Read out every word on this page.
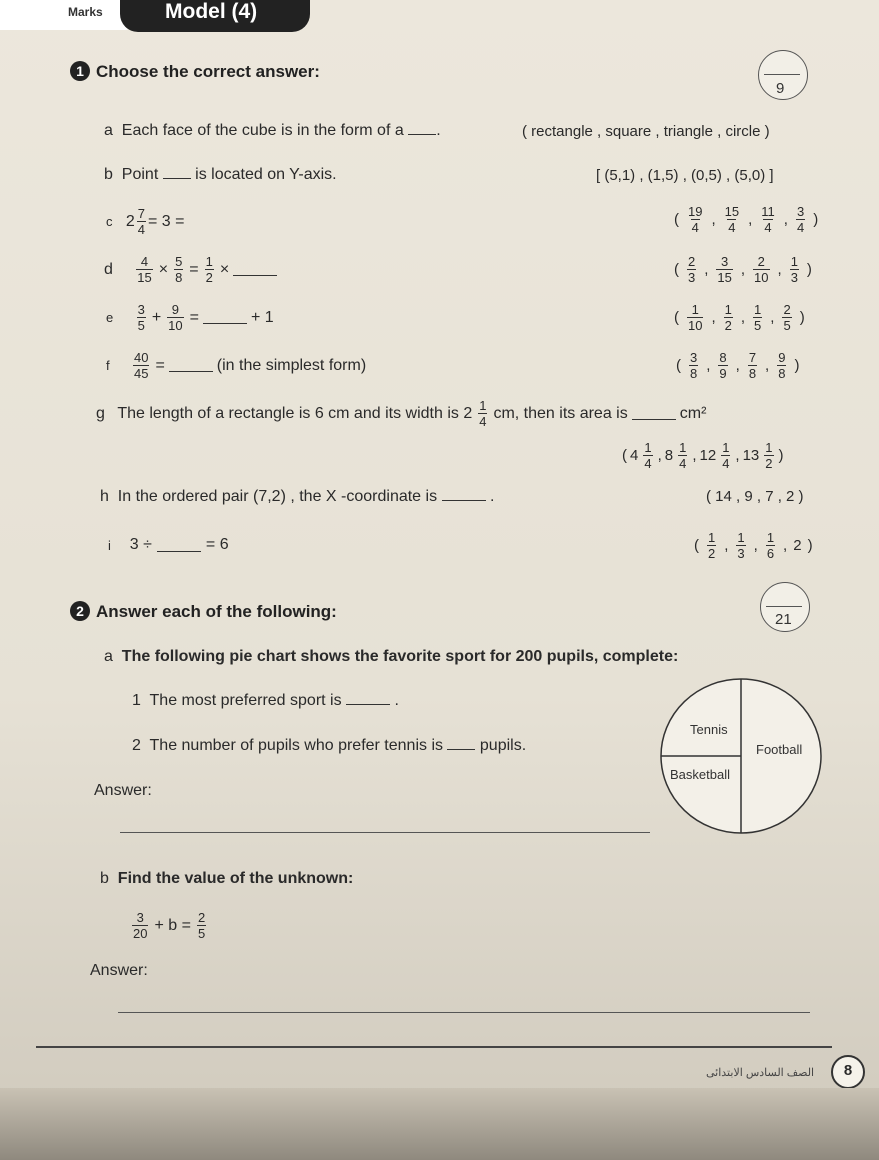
Marks	Model (4)
1 Choose the correct answer:
9
a Each face of the cube is in the form of a .	( rectangle , square , triangle , circle )
b Point is located on Y-axis.	[ (5,1) , (1,5) , (0,5) , (5,0) ]
c
$2 \frac{7}{4} = 3$ =	( $\frac{19}{4}$ , $\frac{15}{4}$ , $\frac{11}{4}$ , $\frac{3}{4}$ )
d
$\frac{4}{15} \times \frac{5}{8} = \frac{1}{2}$ ×	( $\frac{2}{3}$ , $\frac{3}{15}$ , $\frac{2}{10}$ , $\frac{1}{3}$ )
e
$\frac{3}{5} + \frac{9}{10}$ =	+ 1	( $\frac{1}{10}$ , $\frac{1}{2}$ , $\frac{1}{5}$ , $\frac{2}{5}$ )
f
$\frac{40}{45}$ =	(in the simplest form)	( $\frac{3}{8}$ , $\frac{8}{9}$ , $\frac{7}{8}$ , $\frac{9}{8}$ )
g
The length of a rectangle is 6 cm and its width is $2 \frac{1}{4}$ cm, then its area is	cm²
( $4 \frac{1}{4}$ , $8 \frac{1}{4}$ , $12 \frac{1}{4}$ , $13 \frac{1}{2}$ )
h In the ordered pair (7,2) , the X -coordinate is	.	( 14 , 9 , 7 , 2 )
i
3 ÷	= 6	( $\frac{1}{2}$ , $\frac{1}{3}$ , $\frac{1}{6}$ , 2 )
2 Answer each of the following:	21
a The following pie chart shows the favorite sport for 200 pupils, complete:
1 The most preferred sport is	.
2 The number of pupils who prefer tennis is pupils.
Answer:
Tennis
Football
Basketball
b Find the value of the unknown:
$\frac{3}{20} + b = \frac{2}{5}$
Answer:
الصف السادس الابتدائى	8
